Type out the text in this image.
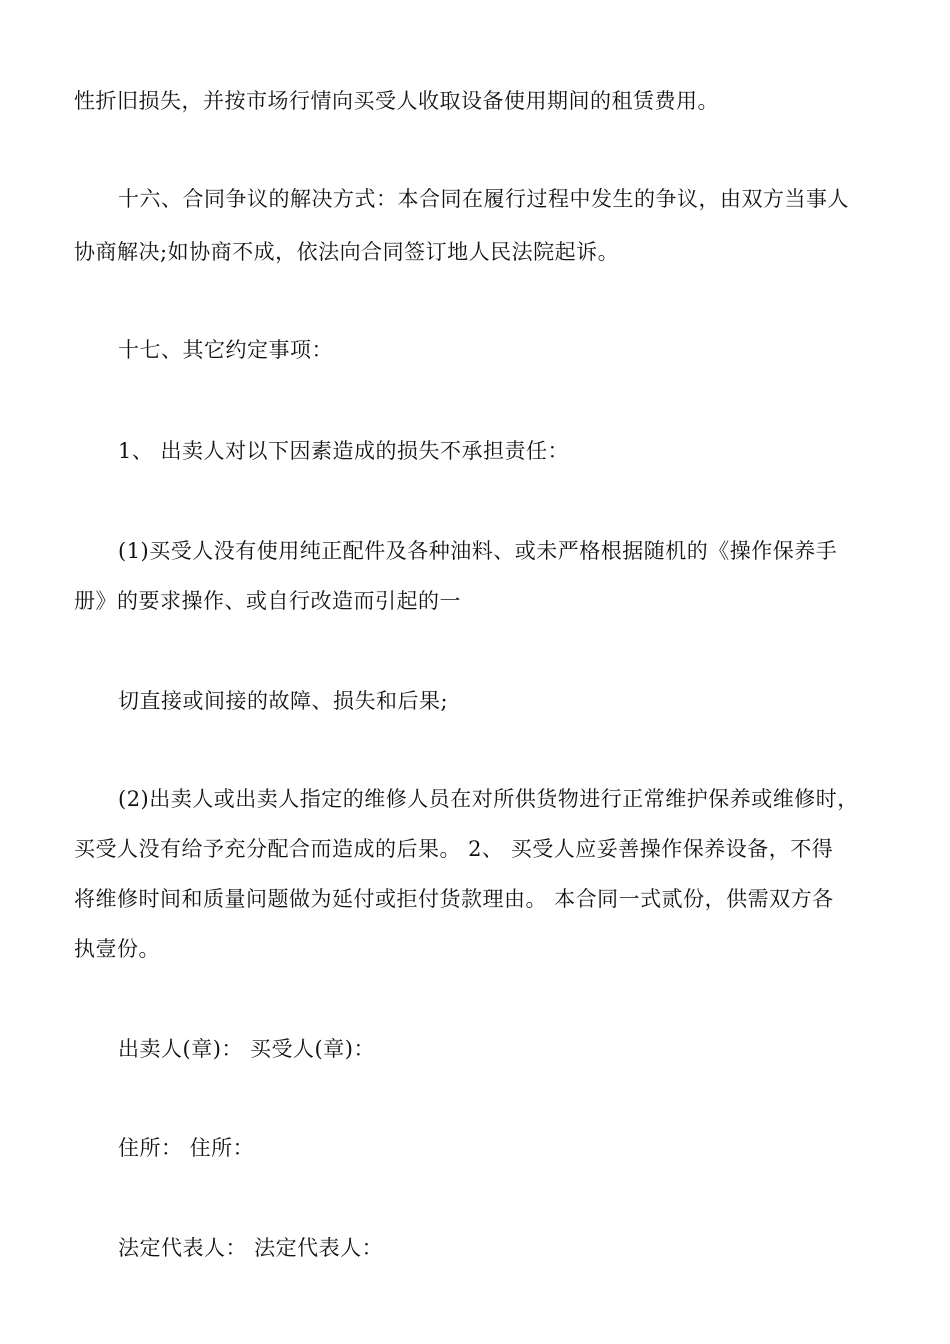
性折旧损失，并按市场行情向买受人收取设备使用期间的租赁费用。
十六、合同争议的解决方式：本合同在履行过程中发生的争议，由双方当事人
协商解决;如协商不成，依法向合同签订地人民法院起诉。
十七、其它约定事项：
1、 出卖人对以下因素造成的损失不承担责任：
(1)买受人没有使用纯正配件及各种油料、或未严格根据随机的《操作保养手
册》的要求操作、或自行改造而引起的一
切直接或间接的故障、损失和后果;
(2)出卖人或出卖人指定的维修人员在对所供货物进行正常维护保养或维修时，
买受人没有给予充分配合而造成的后果。 2、 买受人应妥善操作保养设备，不得
将维修时间和质量问题做为延付或拒付货款理由。 本合同一式贰份，供需双方各
执壹份。
出卖人(章)： 买受人(章)：
住所： 住所：
法定代表人： 法定代表人：
